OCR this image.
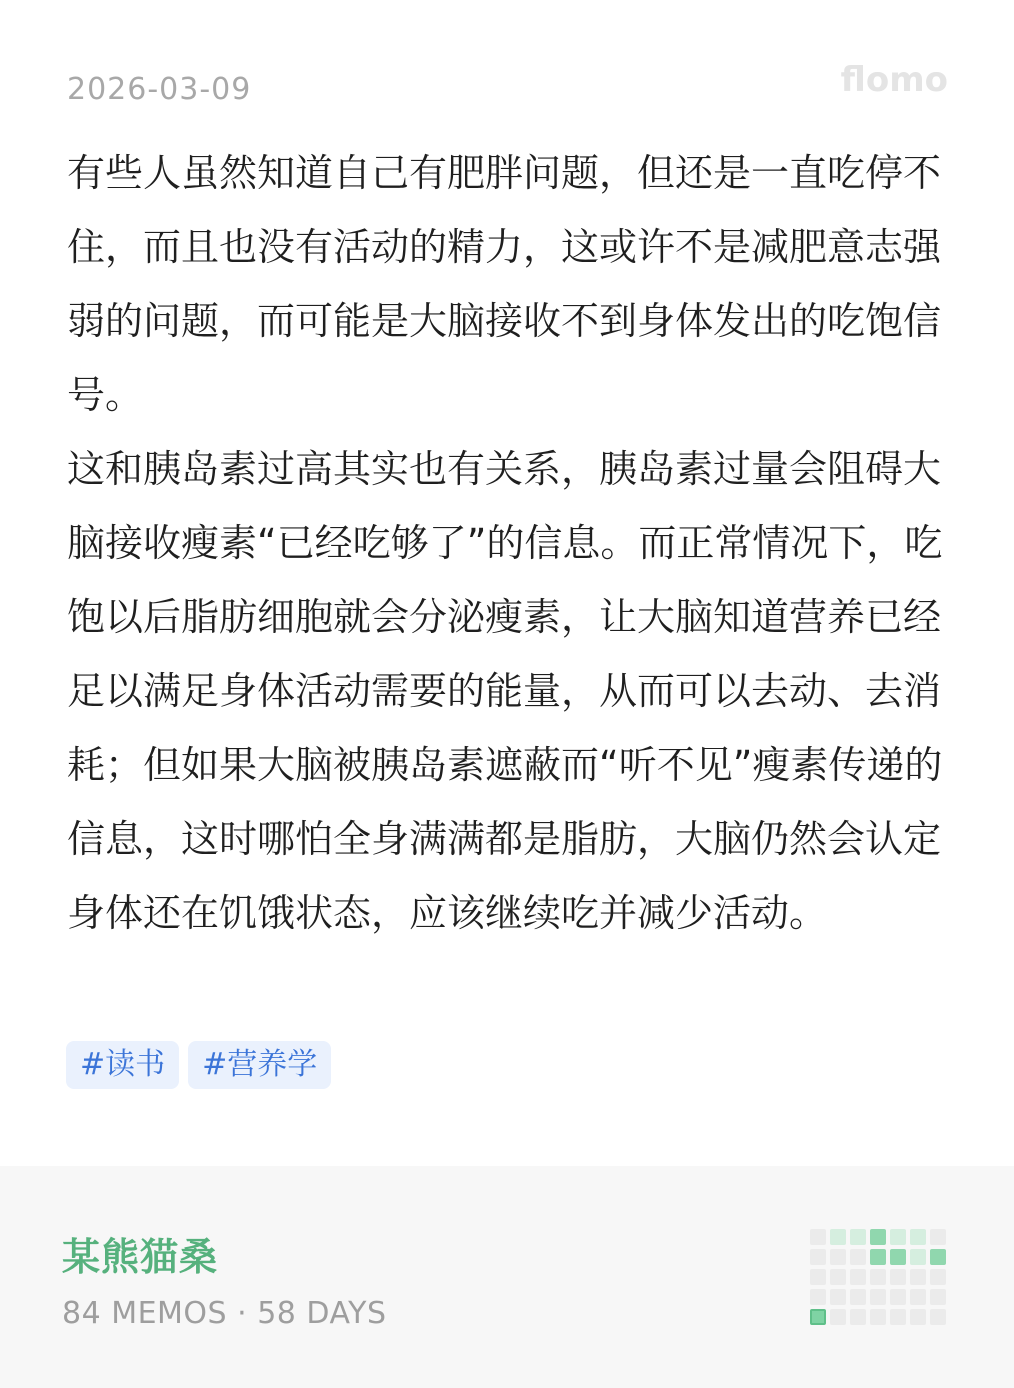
2026-03-09	flomo

有些人虽然知道自己有肥胖问题，但还是一直吃停不住，而且也没有活动的精力，这或许不是减肥意志强弱的问题，而可能是大脑接收不到身体发出的吃饱信号。

这和胰岛素过高其实也有关系，胰岛素过量会阻碍大脑接收瘦素“已经吃够了”的信息。而正常情况下，吃饱以后脂肪细胞就会分泌瘦素，让大脑知道营养已经足以满足身体活动需要的能量，从而可以去动、去消耗；但如果大脑被胰岛素遮蔽而“听不见”瘦素传递的信息，这时哪怕全身满满都是脂肪，大脑仍然会认定身体还在饥饿状态，应该继续吃并减少活动。

#读书	#营养学
某熊猫桑
84 MEMOS · 58 DAYS
